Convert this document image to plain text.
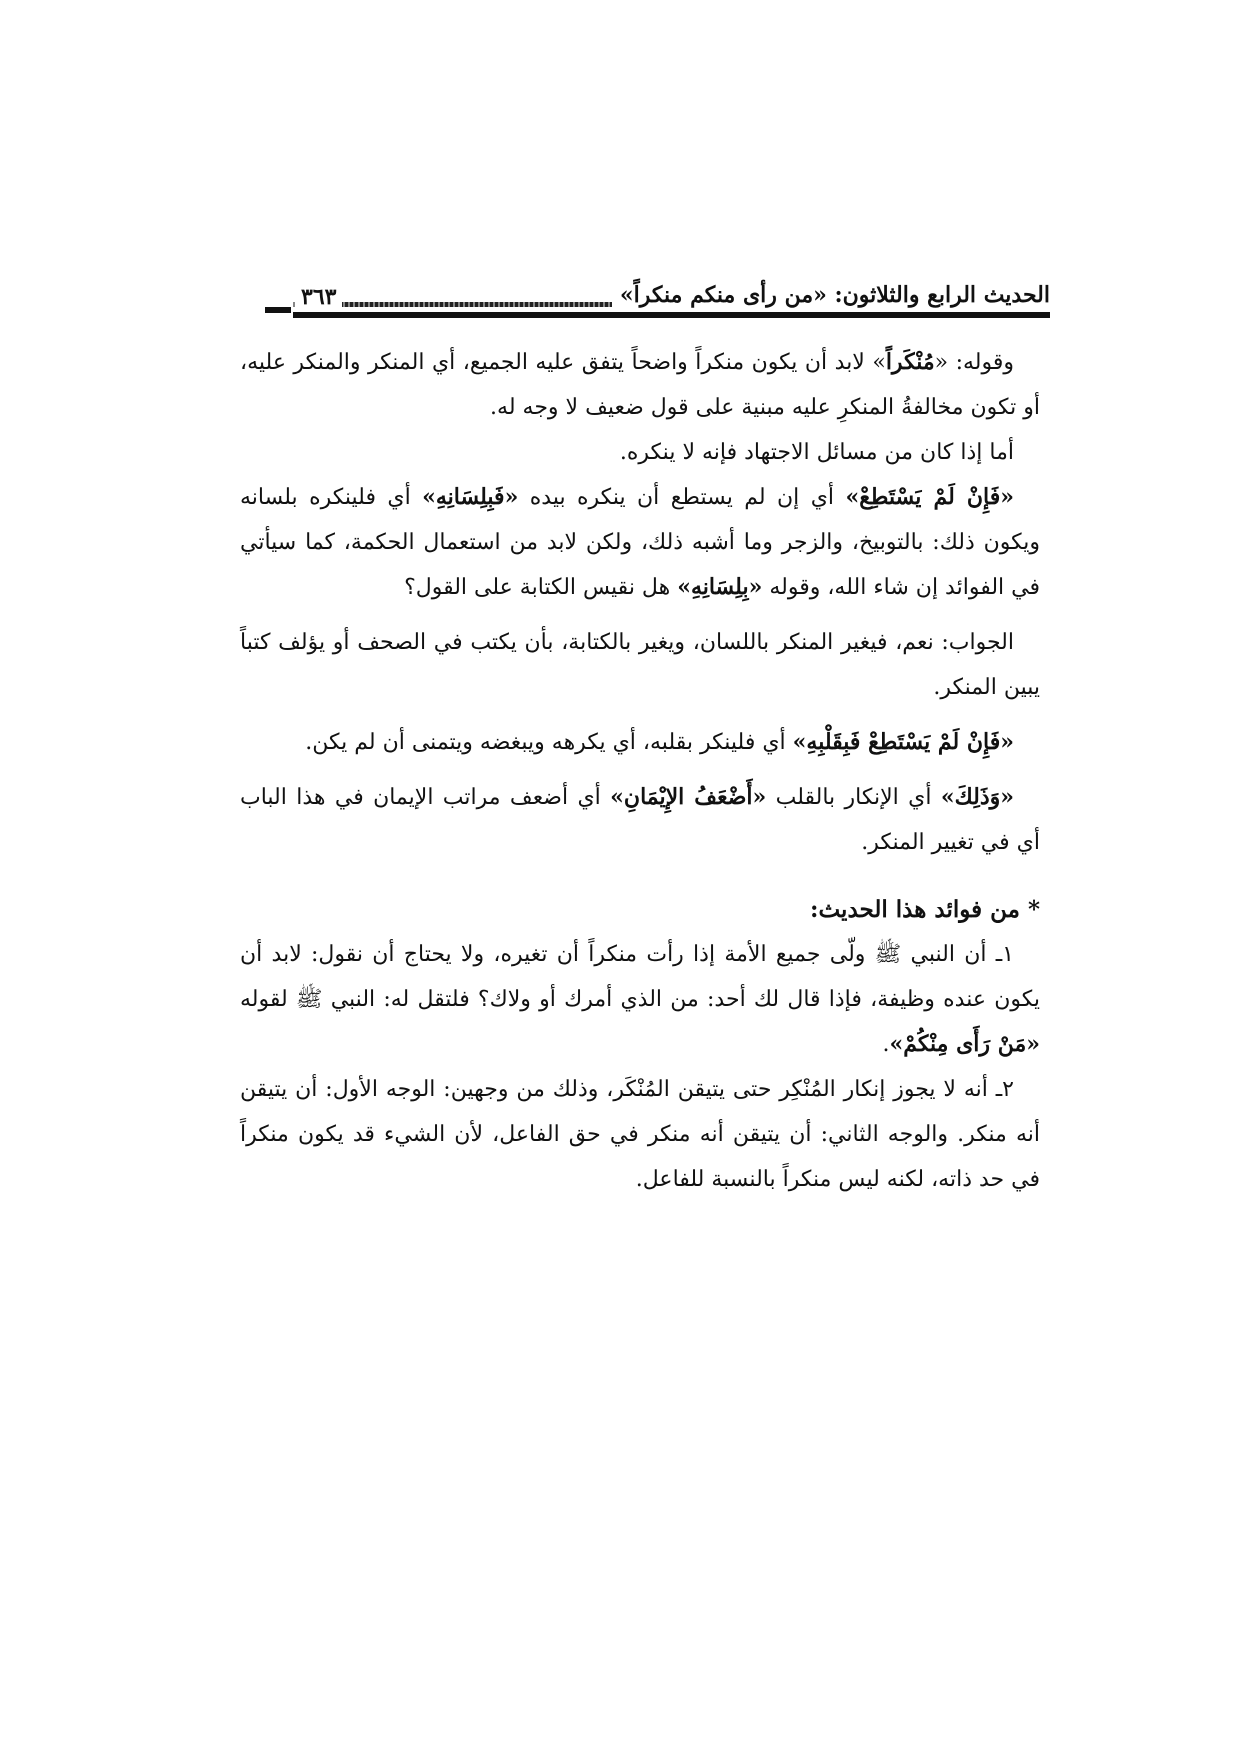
الحديث الرابع والثلاثون: «من رأى منكم منكراً»
٣٦٣

وقوله: «مُنْكَراً» لابد أن يكون منكراً واضحاً يتفق عليه الجميع، أي المنكر والمنكر عليه، أو تكون مخالفةُ المنكرِ عليه مبنية على قول ضعيف لا وجه له.

أما إذا كان من مسائل الاجتهاد فإنه لا ينكره.

«فَإِنْ لَمْ يَسْتَطِعْ» أي إن لم يستطع أن ينكره بيده «فَبِلِسَانِهِ» أي فلينكره بلسانه ويكون ذلك: بالتوبيخ، والزجر وما أشبه ذلك، ولكن لابد من استعمال الحكمة، كما سيأتي في الفوائد إن شاء الله، وقوله «بِلِسَانِهِ» هل نقيس الكتابة على القول؟

الجواب: نعم، فيغير المنكر باللسان، ويغير بالكتابة، بأن يكتب في الصحف أو يؤلف كتباً يبين المنكر.

«فَإِنْ لَمْ يَسْتَطِعْ فَبِقَلْبِهِ» أي فلينكر بقلبه، أي يكرهه ويبغضه ويتمنى أن لم يكن.

«وَذَلِكَ» أي الإنكار بالقلب «أَضْعَفُ الإِيْمَانِ» أي أضعف مراتب الإيمان في هذا الباب أي في تغيير المنكر.

* من فوائد هذا الحديث:

١ـ أن النبي ﷺ ولّى جميع الأمة إذا رأت منكراً أن تغيره، ولا يحتاج أن نقول: لابد أن يكون عنده وظيفة، فإذا قال لك أحد: من الذي أمرك أو ولاك؟ فلتقل له: النبي ﷺ لقوله «مَنْ رَأَى مِنْكُمْ».

٢ـ أنه لا يجوز إنكار المُنْكِر حتى يتيقن المُنْكَر، وذلك من وجهين: الوجه الأول: أن يتيقن أنه منكر. والوجه الثاني: أن يتيقن أنه منكر في حق الفاعل، لأن الشيء قد يكون منكراً في حد ذاته، لكنه ليس منكراً بالنسبة للفاعل.
